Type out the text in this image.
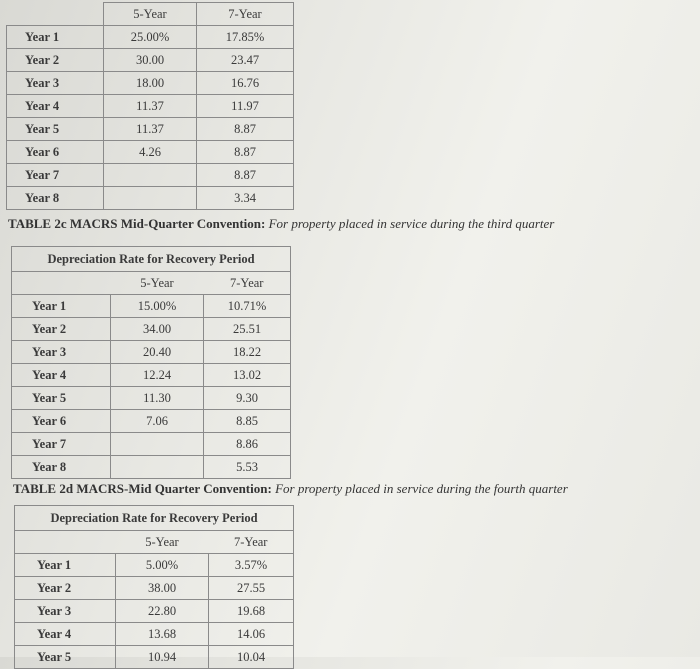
	5-Year	7-Year
Year 1	25.00%	17.85%
Year 2	30.00	23.47
Year 3	18.00	16.76
Year 4	11.37	11.97
Year 5	11.37	8.87
Year 6	4.26	8.87
Year 7		8.87
Year 8		3.34
TABLE 2c MACRS Mid-Quarter Convention: For property placed in service during the third quarter
Depreciation Rate for Recovery Period		
	5-Year	7-Year
Year 1	15.00%	10.71%
Year 2	34.00	25.51
Year 3	20.40	18.22
Year 4	12.24	13.02
Year 5	11.30	9.30
Year 6	7.06	8.85
Year 7		8.86
Year 8		5.53
TABLE 2d MACRS-Mid Quarter Convention: For property placed in service during the fourth quarter
Depreciation Rate for Recovery Period		
	5-Year	7-Year
Year 1	5.00%	3.57%
Year 2	38.00	27.55
Year 3	22.80	19.68
Year 4	13.68	14.06
Year 5	10.94	10.04
